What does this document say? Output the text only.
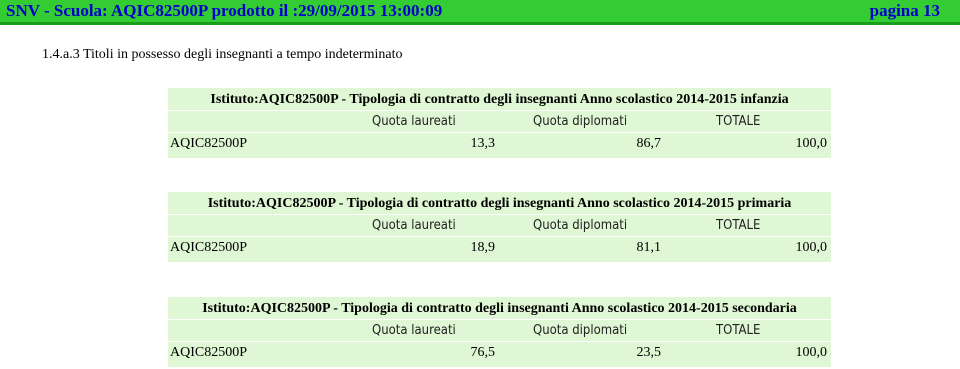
SNV - Scuola: AQIC82500P prodotto il :29/09/2015 13:00:09	pagina 13
1.4.a.3 Titoli in possesso degli insegnanti a tempo indeterminato
Istituto:AQIC82500P - Tipologia di contratto degli insegnanti Anno scolastico 2014-2015 infanzia
Quota laureati	Quota diplomati	TOTALE
AQIC82500P	13,3	86,7	100,0
Istituto:AQIC82500P - Tipologia di contratto degli insegnanti Anno scolastico 2014-2015 primaria
Quota laureati	Quota diplomati	TOTALE
AQIC82500P	18,9	81,1	100,0
Istituto:AQIC82500P - Tipologia di contratto degli insegnanti Anno scolastico 2014-2015 secondaria
Quota laureati	Quota diplomati	TOTALE
AQIC82500P	76,5	23,5	100,0
